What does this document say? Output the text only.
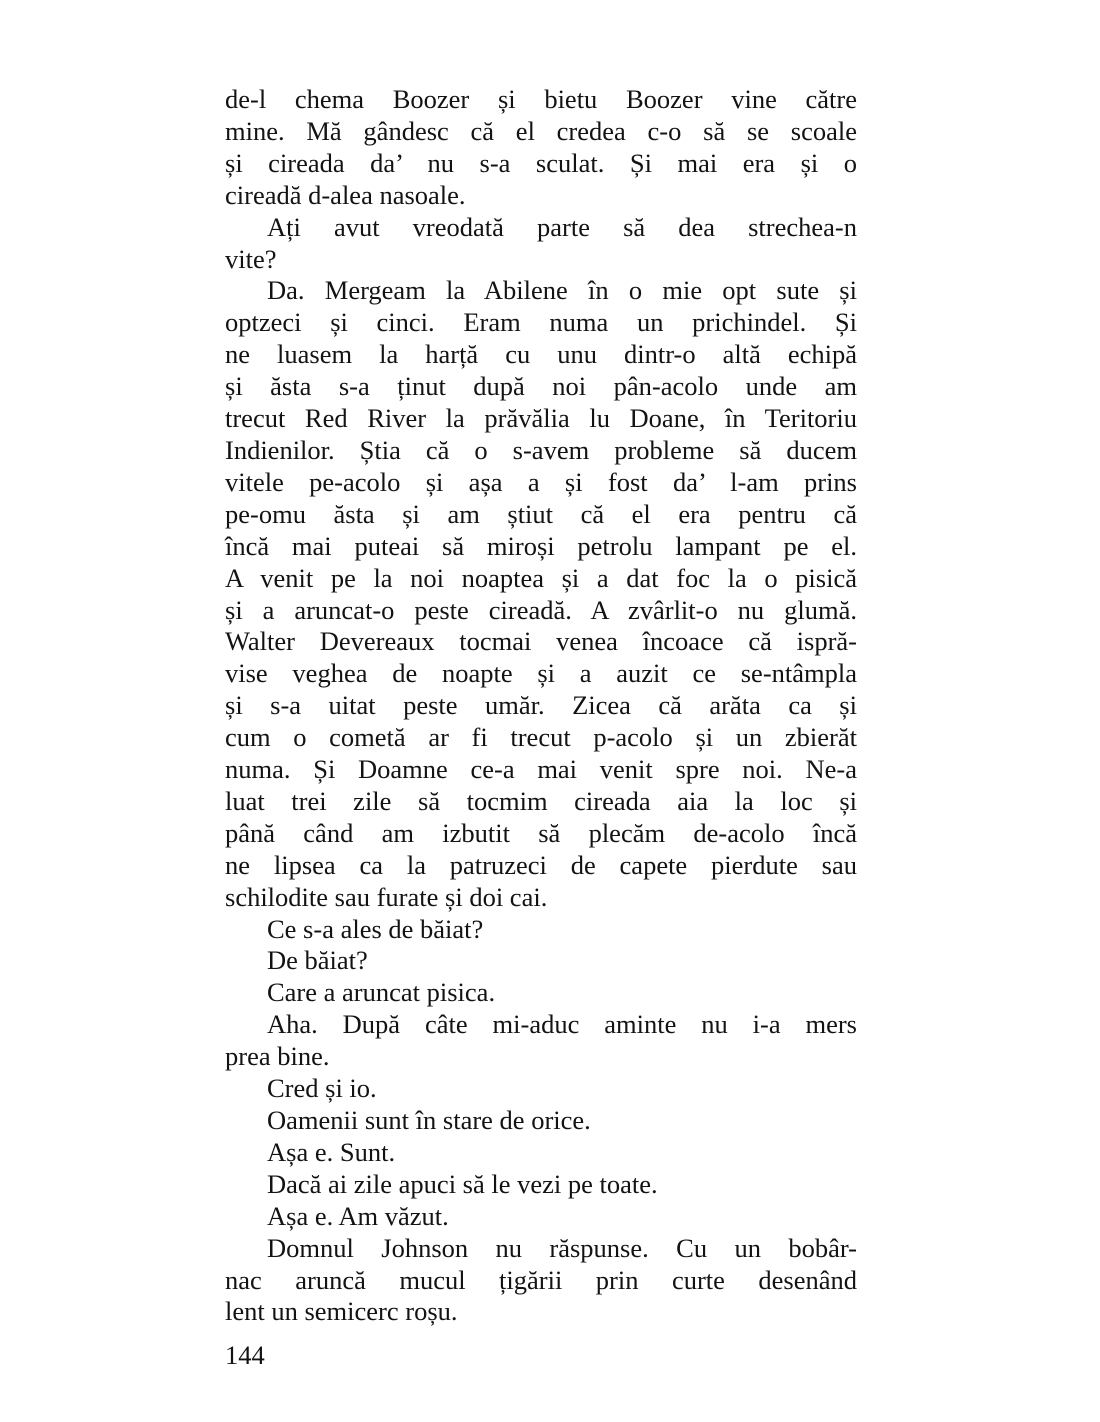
de-l chema Boozer și bietu Boozer vine către
mine. Mă gândesc că el credea c-o să se scoale
și cireada da’ nu s-a sculat. Și mai era și o
cireadă d-alea nasoale.
Ați avut vreodată parte să dea strechea-n
vite?
Da. Mergeam la Abilene în o mie opt sute și
optzeci și cinci. Eram numa un prichindel. Și
ne luasem la harță cu unu dintr-o altă echipă
și ăsta s-a ținut după noi pân-acolo unde am
trecut Red River la prăvălia lu Doane, în Teritoriu
Indienilor. Știa că o s-avem probleme să ducem
vitele pe-acolo și așa a și fost da’ l-am prins
pe-omu ăsta și am știut că el era pentru că
încă mai puteai să miroși petrolu lampant pe el.
A venit pe la noi noaptea și a dat foc la o pisică
și a aruncat-o peste cireadă. A zvârlit-o nu glumă.
Walter Devereaux tocmai venea încoace că ispră-
vise veghea de noapte și a auzit ce se-ntâmpla
și s-a uitat peste umăr. Zicea că arăta ca și
cum o cometă ar fi trecut p-acolo și un zbierăt
numa. Și Doamne ce-a mai venit spre noi. Ne-a
luat trei zile să tocmim cireada aia la loc și
până când am izbutit să plecăm de-acolo încă
ne lipsea ca la patruzeci de capete pierdute sau
schilodite sau furate și doi cai.
Ce s-a ales de băiat?
De băiat?
Care a aruncat pisica.
Aha. După câte mi-aduc aminte nu i-a mers
prea bine.
Cred și io.
Oamenii sunt în stare de orice.
Așa e. Sunt.
Dacă ai zile apuci să le vezi pe toate.
Așa e. Am văzut.
Domnul Johnson nu răspunse. Cu un bobâr-
nac aruncă mucul țigării prin curte desenând
lent un semicerc roșu.
144
